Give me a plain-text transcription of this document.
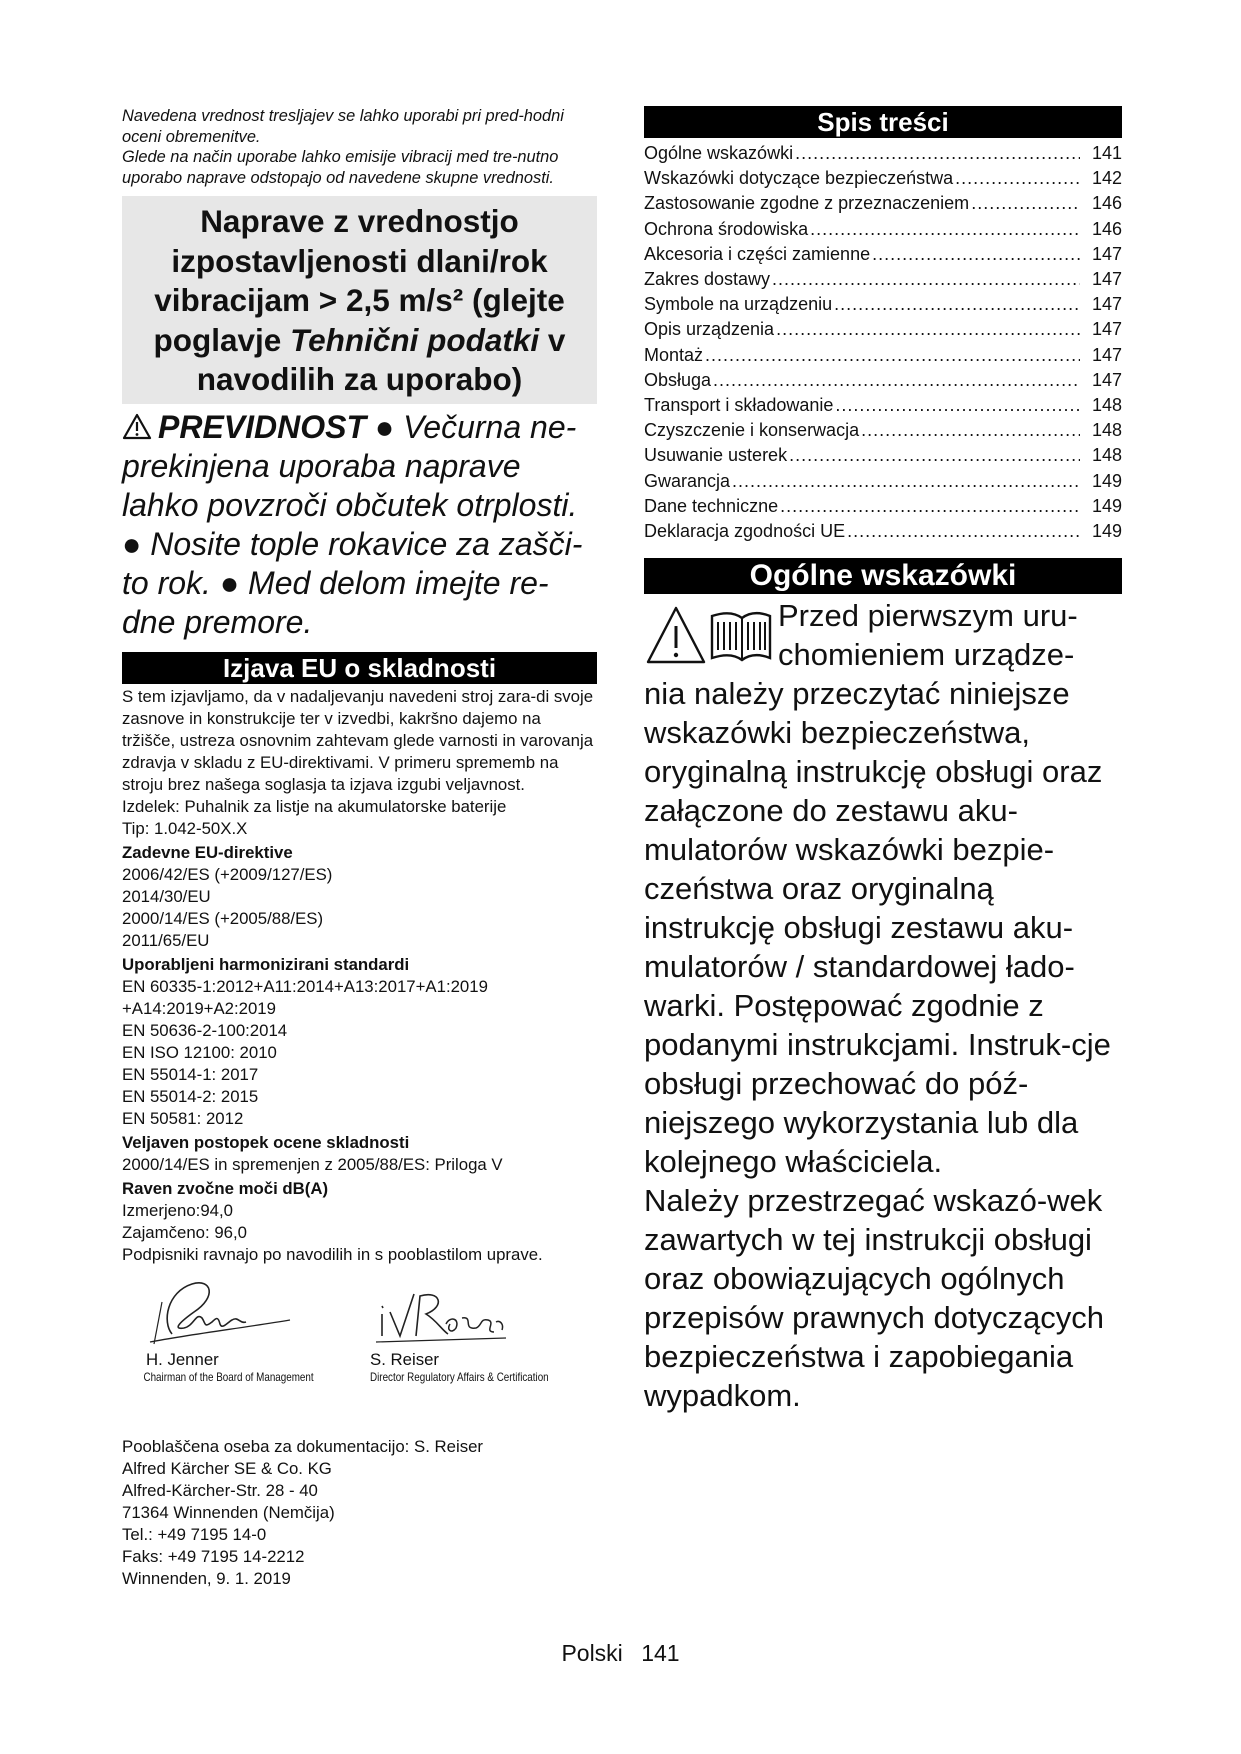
Navedena vrednost tresljajev se lahko uporabi pri pred-hodni oceni obremenitve.

Glede na način uporabe lahko emisije vibracij med tre-nutno uporabo naprave odstopajo od navedene skupne vrednosti.

Naprave z vrednostjo izpostavljenosti dlani/rok vibracijam > 2,5 m/s² (glejte poglavje Tehnični podatki v navodilih za uporabo)

PREVIDNOST ● Večurna ne-prekinjena uporaba naprave lahko povzroči občutek otrplosti. ● Nosite tople rokavice za zašči-to rok. ● Med delom imejte re-dne premore.

Izjava EU o skladnosti

S tem izjavljamo, da v nadaljevanju navedeni stroj zara-di svoje zasnove in konstrukcije ter v izvedbi, kakršno dajemo na tržišče, ustreza osnovnim zahtevam glede varnosti in varovanja zdravja v skladu z EU-direktivami. V primeru sprememb na stroju brez našega soglasja ta izjava izgubi veljavnost.

Izdelek: Puhalnik za listje na akumulatorske baterije

Tip: 1.042-50X.X

Zadevne EU-direktive

2006/42/ES (+2009/127/ES)

2014/30/EU

2000/14/ES (+2005/88/ES)

2011/65/EU

Uporabljeni harmonizirani standardi

EN 60335-1:2012+A11:2014+A13:2017+A1:2019 +A14:2019+A2:2019

EN 50636-2-100:2014

EN ISO 12100: 2010

EN 55014-1: 2017

EN 55014-2: 2015

EN 50581: 2012

Veljaven postopek ocene skladnosti

2000/14/ES in spremenjen z 2005/88/ES: Priloga V

Raven zvočne moči dB(A)

Izmerjeno:94,0

Zajamčeno: 96,0

Podpisniki ravnajo po navodilih in s pooblastilom uprave.

H. Jenner
Chairman of the Board of Management
S. Reiser
Director Regulatory Affairs & Certification

Pooblaščena oseba za dokumentacijo: S. Reiser

Alfred Kärcher SE & Co. KG

Alfred-Kärcher-Str. 28 - 40

71364 Winnenden (Nemčija)

Tel.: +49 7195 14-0

Faks: +49 7195 14-2212

Winnenden, 9. 1. 2019

Spis treści
Ogólne wskazówki .....	141
Wskazówki dotyczące bezpieczeństwa .....	142
Zastosowanie zgodne z przeznaczeniem .....	146
Ochrona środowiska .....	146
Akcesoria i części zamienne .....	147
Zakres dostawy .....	147
Symbole na urządzeniu .....	147
Opis urządzenia .....	147
Montaż .....	147
Obsługa .....	147
Transport i składowanie .....	148
Czyszczenie i konserwacja .....	148
Usuwanie usterek .....	148
Gwarancja .....	149
Dane techniczne .....	149
Deklaracja zgodności UE .....	149
Ogólne wskazówki

Przed pierwszym uru-

chomieniem urządze-

nia należy przeczytać niniejsze wskazówki bezpieczeństwa, oryginalną instrukcję obsługi oraz załączone do zestawu aku-mulatorów wskazówki bezpie-czeństwa oraz oryginalną instrukcję obsługi zestawu aku-mulatorów / standardowej łado-warki. Postępować zgodnie z podanymi instrukcjami. Instruk-cje obsługi przechować do póź-niejszego wykorzystania lub dla kolejnego właściciela.

Należy przestrzegać wskazó-wek zawartych w tej instrukcji obsługi oraz obowiązujących ogólnych przepisów prawnych dotyczących bezpieczeństwa i zapobiegania wypadkom.

Polski 141
